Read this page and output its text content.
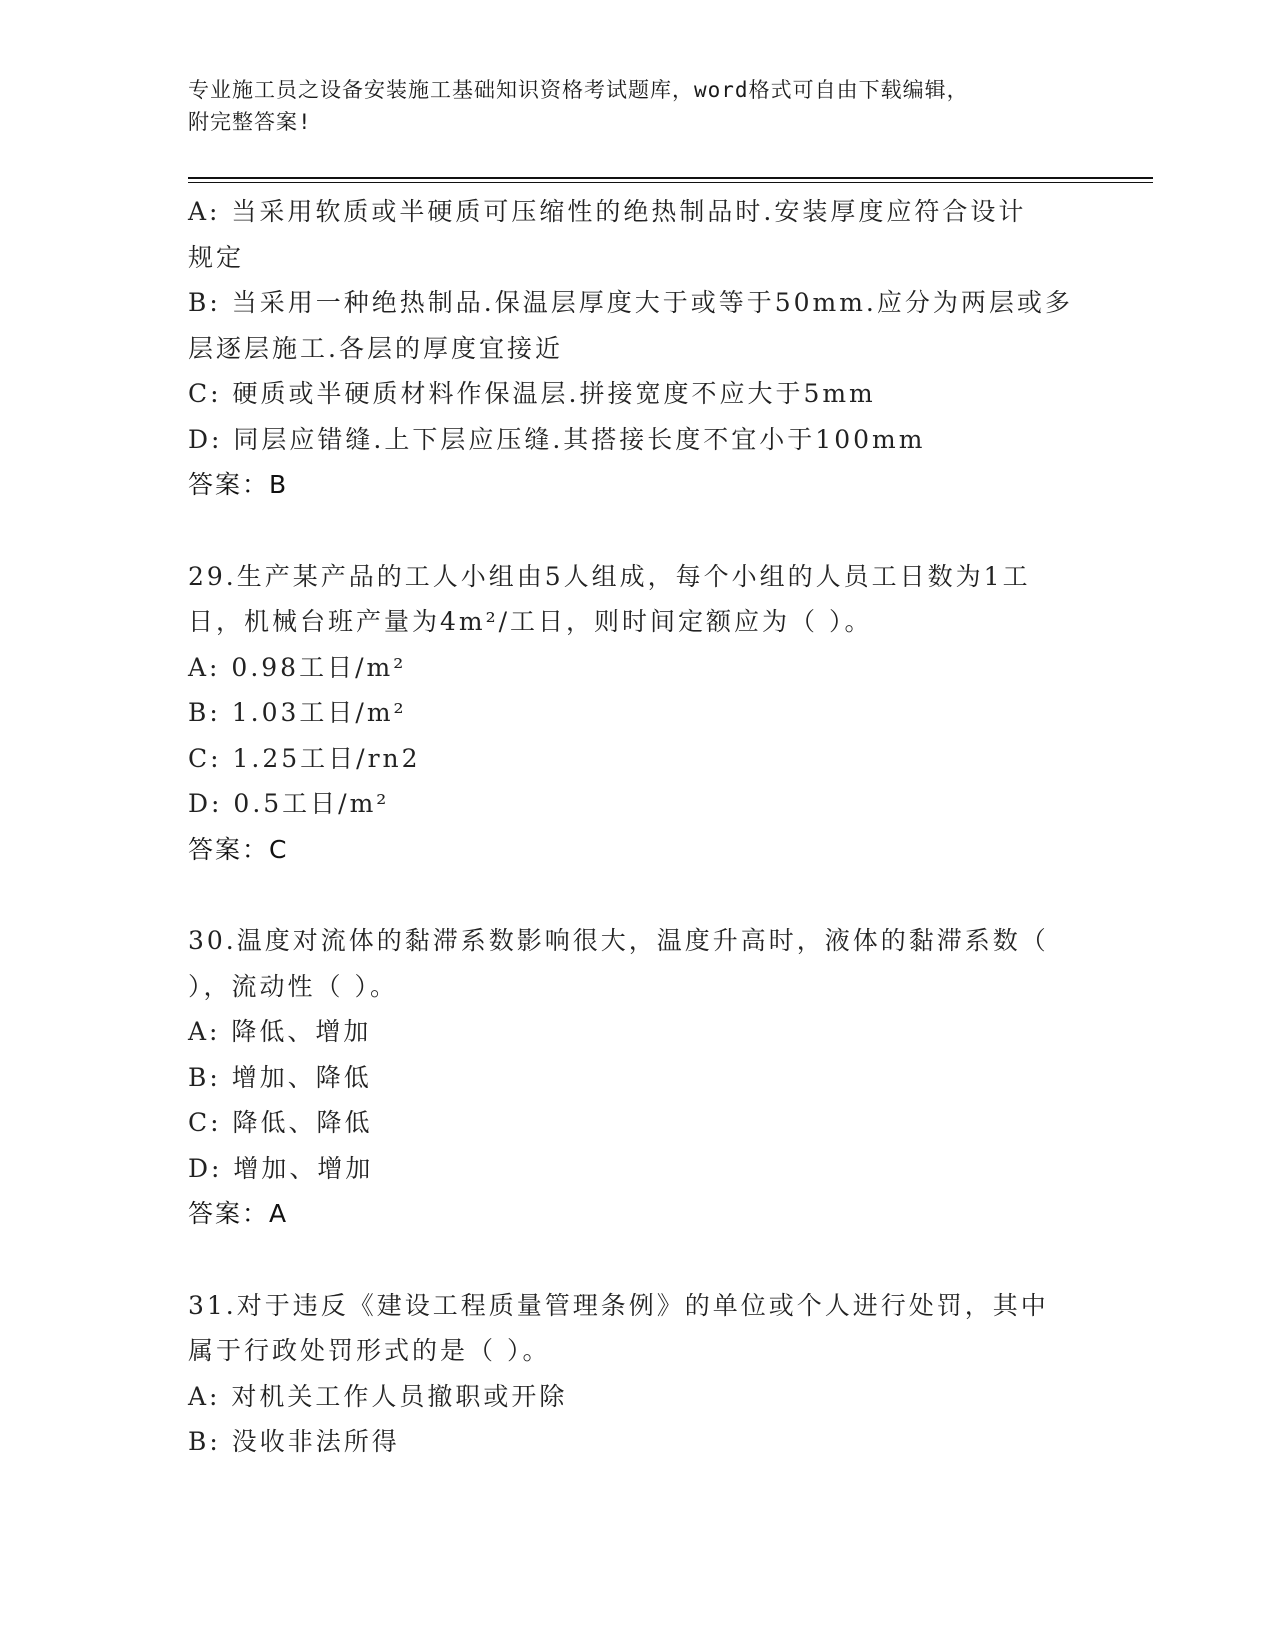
专业施工员之设备安装施工基础知识资格考试题库，word格式可自由下载编辑，
附完整答案!
A: 当采用软质或半硬质可压缩性的绝热制品时.安装厚度应符合设计
规定
B: 当采用一种绝热制品.保温层厚度大于或等于50mm.应分为两层或多
层逐层施工.各层的厚度宜接近
C: 硬质或半硬质材料作保温层.拼接宽度不应大于5mm
D: 同层应错缝.上下层应压缝.其搭接长度不宜小于100mm
答案：B
29.生产某产品的工人小组由5人组成，每个小组的人员工日数为1工
日，机械台班产量为4m²/工日，则时间定额应为（ ）。
A: 0.98工日/m²
B: 1.03工日/m²
C: 1.25工日/rn2
D: 0.5工日/m²
答案：C
30.温度对流体的黏滞系数影响很大，温度升高时，液体的黏滞系数（
），流动性（ ）。
A: 降低、增加
B: 增加、降低
C: 降低、降低
D: 增加、增加
答案：A
31.对于违反《建设工程质量管理条例》的单位或个人进行处罚，其中
属于行政处罚形式的是（ ）。
A: 对机关工作人员撤职或开除
B: 没收非法所得
